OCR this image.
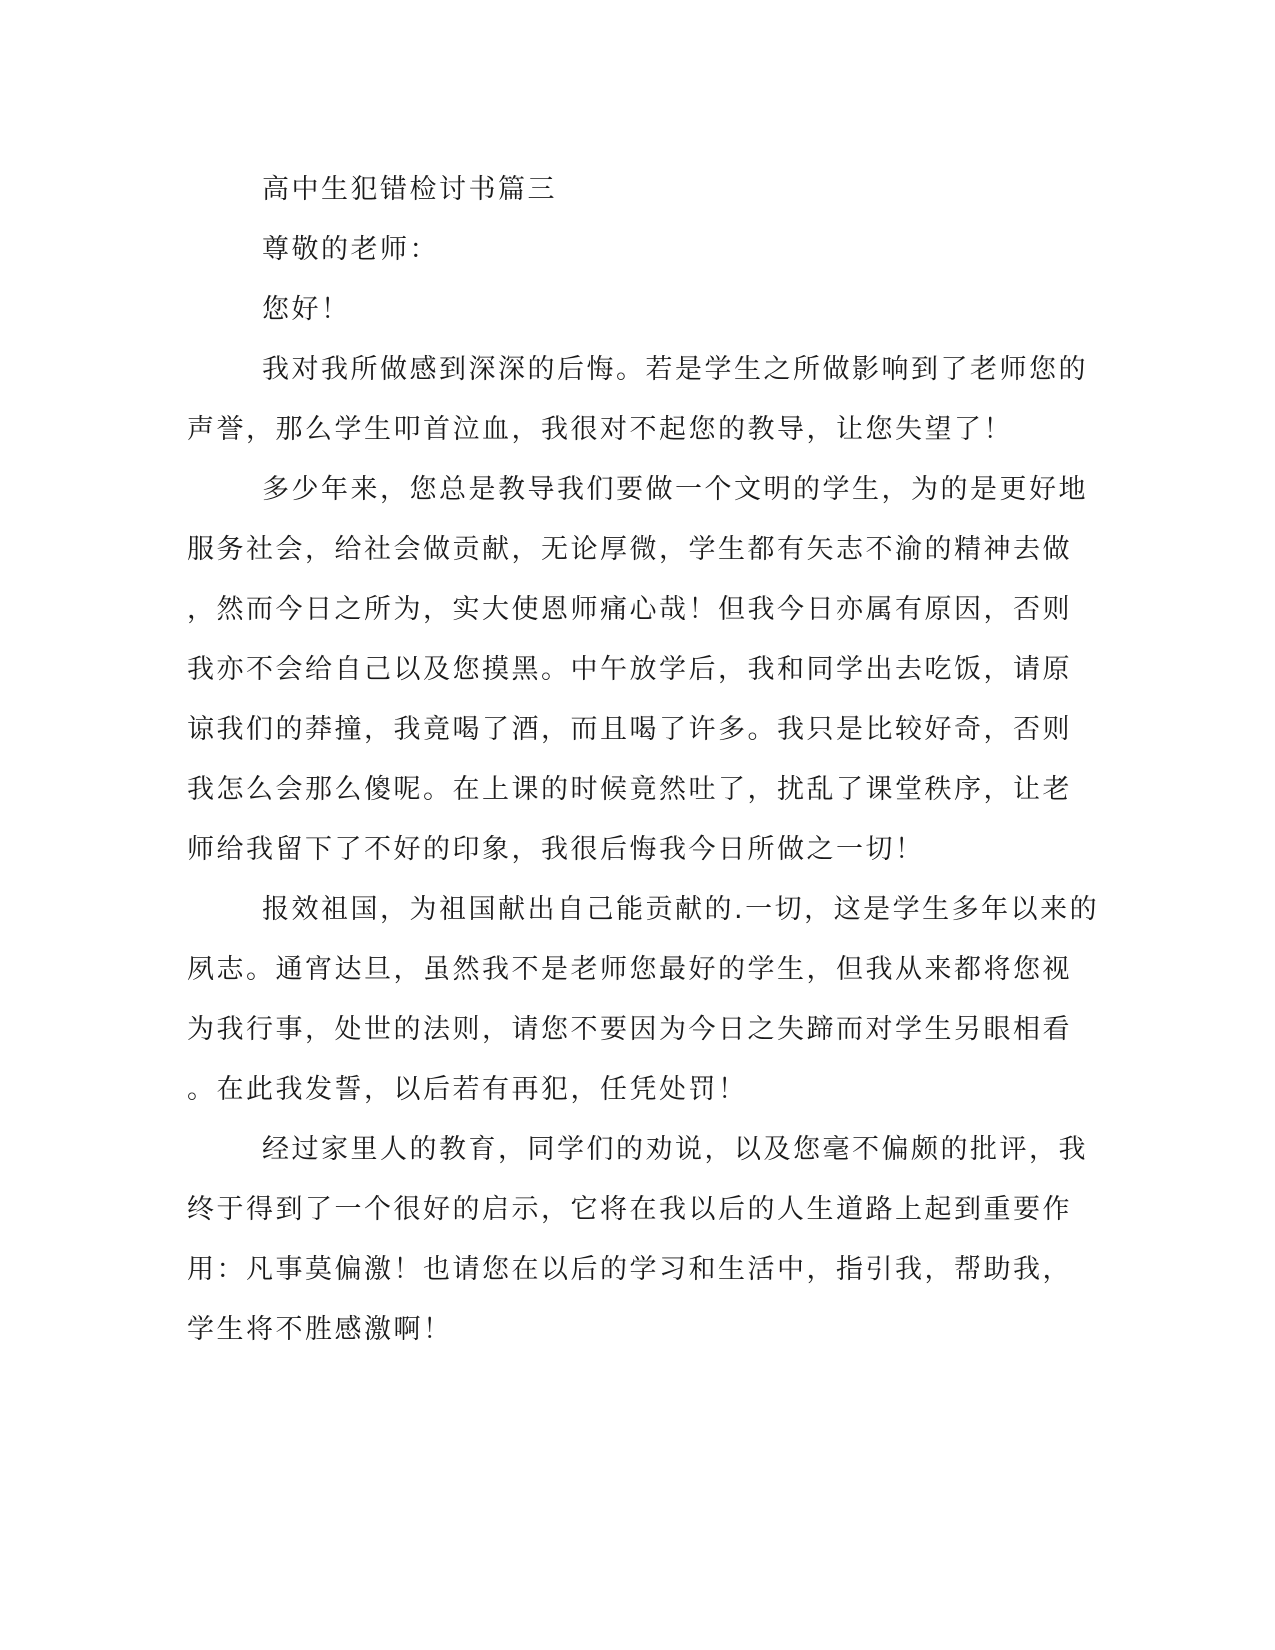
高中生犯错检讨书篇三
尊敬的老师：
您好！
我对我所做感到深深的后悔。若是学生之所做影响到了老师您的
声誉，那么学生叩首泣血，我很对不起您的教导，让您失望了！
多少年来，您总是教导我们要做一个文明的学生，为的是更好地
服务社会，给社会做贡献，无论厚微，学生都有矢志不渝的精神去做
，然而今日之所为，实大使恩师痛心哉！但我今日亦属有原因，否则
我亦不会给自己以及您摸黑。中午放学后，我和同学出去吃饭，请原
谅我们的莽撞，我竟喝了酒，而且喝了许多。我只是比较好奇，否则
我怎么会那么傻呢。在上课的时候竟然吐了，扰乱了课堂秩序，让老
师给我留下了不好的印象，我很后悔我今日所做之一切！
报效祖国，为祖国献出自己能贡献的.一切，这是学生多年以来的
夙志。通宵达旦，虽然我不是老师您最好的学生，但我从来都将您视
为我行事，处世的法则，请您不要因为今日之失蹄而对学生另眼相看
。在此我发誓，以后若有再犯，任凭处罚！
经过家里人的教育，同学们的劝说，以及您毫不偏颇的批评，我
终于得到了一个很好的启示，它将在我以后的人生道路上起到重要作
用：凡事莫偏激！也请您在以后的学习和生活中，指引我，帮助我，
学生将不胜感激啊！
